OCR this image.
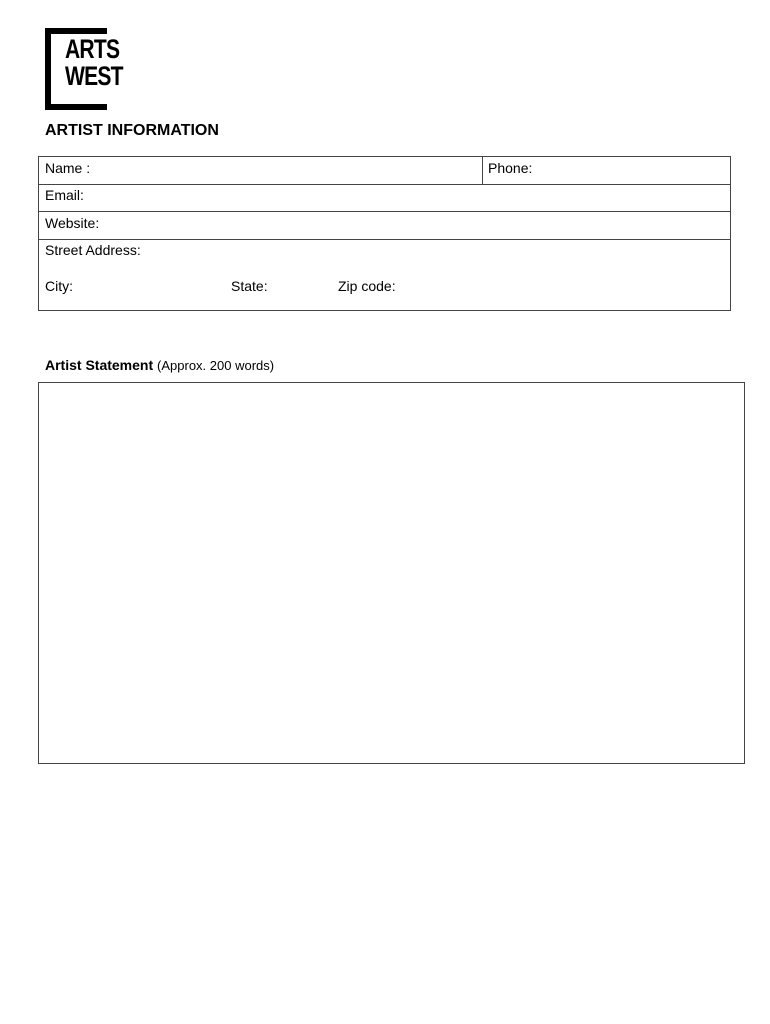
ARTS
WEST
ARTIST INFORMATION
Name :	Phone:
Email:
Website:
Street Address:
City:	State:	Zip code:
Artist Statement (Approx. 200 words)
